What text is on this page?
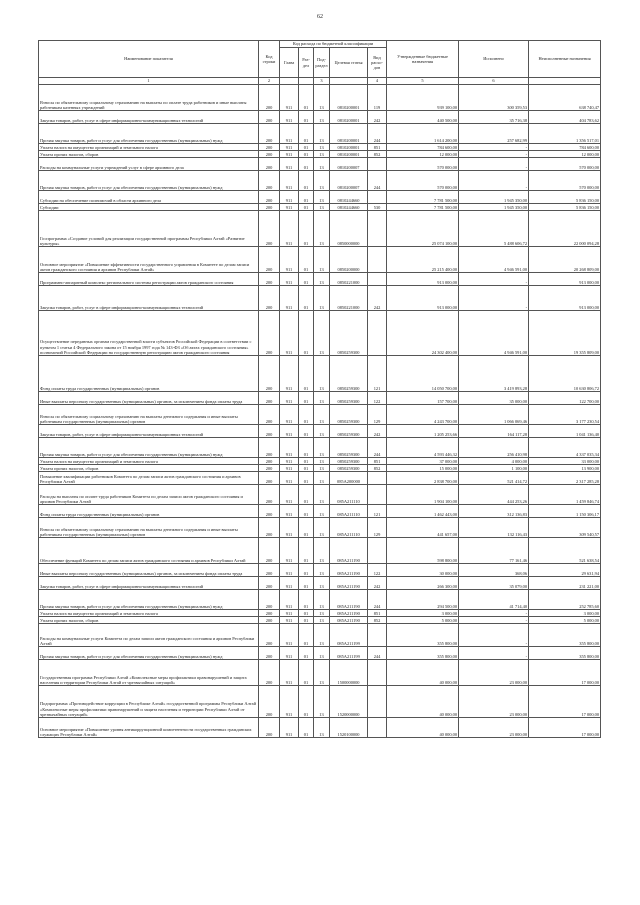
62
Наименование показателя	Код строки	Код расхода по бюджетной классификации					Утвержденные бюджетные назначения	Исполнено	Неисполненные назначения
		Глава	Раз-дел	Под-раздел	Целевая статья	Вид расхо-дов			
1	2			3		4	5	6	
Взносы по обязательному социальному страхованию на выплаты по оплате труда работников и иные выплаты работникам казенных учреждений	200	911	01	13	0810200001	119	939 100,00	300 359,53	638 740,47
Закупка товаров, работ, услуг в сфере информационно-коммуникационных технологий	200	911	01	13	0810200001	242	440 500,00	35 716,38	404 783,62
Прочая закупка товаров, работ и услуг для обеспечения государственных (муниципальных) нужд	200	911	01	13	0810200001	244	1 614 200,00	257 682,99	1 356 517,01
Уплата налога на имущество организаций и земельного налога	200	911	01	13	0810200001	851	784 600,00	-	784 600,00
Уплата прочих налогов, сборов	200	911	01	13	0810200001	852	12 000,00	-	12 000,00
Расходы на коммунальные услуги учреждений услуг в сфере архивного дела	200	911	01	13	0810200007		570 000,00	-	570 000,00
Прочая закупка товаров, работ и услуг для обеспечения государственных (муниципальных) нужд	200	911	01	13	0810200007	244	570 000,00	-	570 000,00
Субсидии на обеспечение полномочий в области архивного дела	200	911	01	13	0810244660		7 781 500,00	1 945 350,00	5 836 150,00
Субсидии	200	911	01	13	0810244660	530	7 781 500,00	1 945 350,00	5 836 150,00
Госпрограмма «Создание условий для реализации государственной программы Республики Алтай «Развитие культуры»	200	911	01	13	0850000000		25 074 100,00	5 488 606,72	22 000 094,28
Основное мероприятие «Повышение эффективности государственного управления в Комитете по делам записи актов гражданского состояния и архивов Республики Алтай»	200	911	01	13	0850200000		25 215 400,00	4 946 591,00	20 268 809,00
Программно-аппаратный комплекс регионального системы регистрации актов гражданского состояния	200	911	01	13	0850221000		913 000,00	-	913 000,00
Закупка товаров, работ, услуг в сфере информационно-коммуникационных технологий	200	911	01	13	0850221000	242	913 000,00	-	913 000,00
Осуществление переданных органам государственной власти субъектов Российской Федерации в соответствии с пунктом 1 статьи 4 Федерального закона от 15 ноября 1997 года № 143-ФЗ «Об актах гражданского состояния» полномочий Российской Федерации на государственную регистрацию актов гражданского состояния	200	911	01	13	0850259300		24 302 400,00	4 946 591,00	19 355 809,00
Фонд оплаты труда государственных (муниципальных) органов	200	911	01	13	0850259300	121	14 050 700,00	3 419 893,28	10 630 806,72
Иные выплаты персоналу государственных (муниципальных) органов, за исключением фонда оплаты труда	200	911	01	13	0850259300	122	157 700,00	35 000,00	122 700,00
Взносы по обязательному социальному страхованию на выплаты денежного содержания и иные выплаты работникам государственных (муниципальных) органов	200	911	01	13	0850259300	129	4 243 700,00	1 066 069,46	3 177 230,54
Закупка товаров, работ, услуг в сфере информационно-коммуникационных технологий	200	911	01	13	0850259300	242	1 205 253,66	164 117,28	1 041 136,40
Прочая закупка товаров, работ и услуг для обеспечения государственных (муниципальных) нужд	200	911	01	13	0850259300	244	4 593 446,32	256 410,98	4 337 035,34
Уплата налога на имущество организаций и земельного налога	200	911	01	13	0850259300	851	37 000,00	4 000,00	33 000,00
Уплата прочих налогов, сборов	200	911	01	13	0850259300	852	15 000,00	1 100,00	13 900,00
Повышение квалификации работников Комитета по делам записи актов гражданского состояния и архивов Республики Алтай	200	911	01	13	085А200000		2 838 700,00	521 414,72	2 317 285,28
Расходы на выплаты по оплате труда работников Комитета по делам записи актов гражданского состояния и архивов Республики Алтай	200	911	01	13	085А211110		1 904 100,00	444 253,26	1 459 846,74
Фонд оплаты труда государственных (муниципальных) органов	200	911	01	13	085А211110	121	1 462 443,00	312 136,83	1 150 306,17
Взносы по обязательному социальному страхованию на выплаты денежного содержания и иные выплаты работникам государственных (муниципальных) органов	200	911	01	13	085А211110	129	441 657,00	132 116,43	309 540,57
Обеспечение функций Комитета по делам записи актов гражданского состояния и архивов Республики Алтай	200	911	01	13	085А211190		598 800,00	77 161,46	521 638,54
Иные выплаты персоналу государственных (муниципальных) органов, за исключением фонда оплаты труда	200	911	01	13	085А211190	122	30 000,00	368,06	29 631,94
Закупка товаров, работ, услуг в сфере информационно-коммуникационных технологий	200	911	01	13	085А211190	242	266 300,00	35 079,00	231 221,00
Прочая закупка товаров, работ и услуг для обеспечения государственных (муниципальных) нужд	200	911	01	13	085А211190	244	294 500,00	41 714,40	252 785,60
Уплата налога на имущество организаций и земельного налога	200	911	01	13	085А211190	851	3 000,00	-	3 000,00
Уплата прочих налогов, сборов	200	911	01	13	085А211190	852	5 000,00	-	5 000,00
Расходы на коммунальные услуги Комитета по делам записи актов гражданского состояния и архивов Республики Алтай	200	911	01	13	085А211199		355 800,00	-	355 800,00
Прочая закупка товаров, работ и услуг для обеспечения государственных (муниципальных) нужд	200	911	01	13	085А211199	244	355 800,00	-	355 800,00
Государственная программа Республики Алтай «Комплексные меры профилактики правонарушений и защита населения и территории Республики Алтай от чрезвычайных ситуаций»	200	911	01	13	1500000000		40 000,00	23 000,00	17 000,00
Подпрограмма «Противодействие коррупции в Республике Алтай» государственной программы Республики Алтай «Комплексные меры профилактики правонарушений и защита населения и территории Республики Алтай от чрезвычайных ситуаций»	200	911	01	13	1520000000		40 000,00	23 000,00	17 000,00
Основное мероприятие «Повышение уровня антикоррупционной компетентности государственных гражданских служащих Республики Алтай»	200	911	01	13	1520100000		40 000,00	23 000,00	17 000,00
